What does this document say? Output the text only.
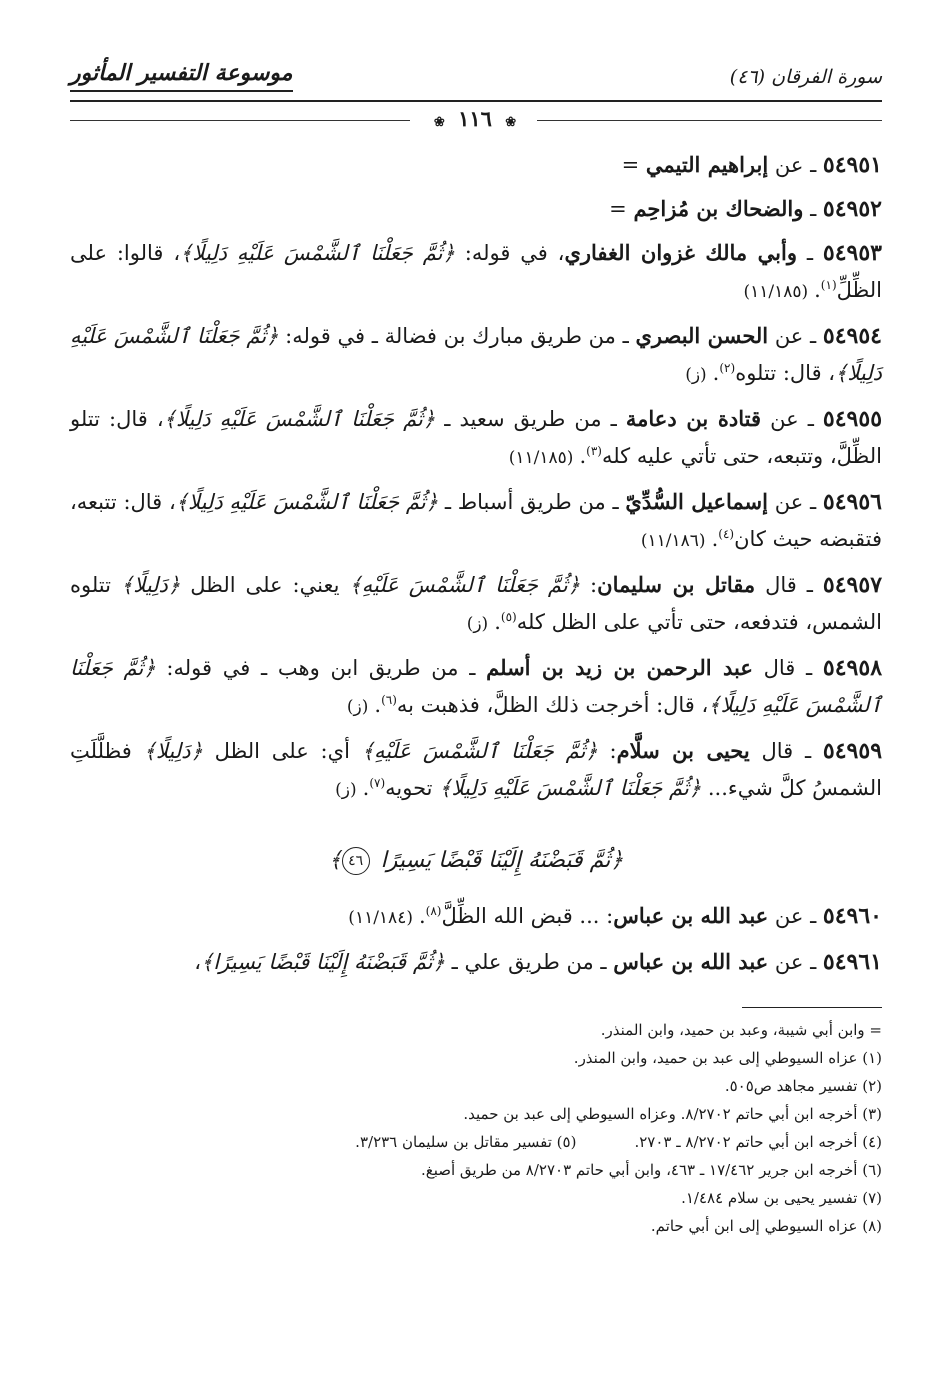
سورة الفرقان (٤٦)
موسوعة التفسير المأثور
❀ ١١٦ ❀
٥٤٩٥١ ـ عن إبراهيم التيمي =
٥٤٩٥٢ ـ والضحاك بن مُزاحِم =
٥٤٩٥٣ ـ وأبي مالك غزوان الغفاري، في قوله: ﴿ثُمَّ جَعَلْنَا ٱلشَّمْسَ عَلَيْهِ دَلِيلًا﴾، قالوا: على الظِّلِّ$^{(١)}$.(١١/١٨٥)
٥٤٩٥٤ ـ عن الحسن البصري ـ من طريق مبارك بن فضالة ـ في قوله: ﴿ثُمَّ جَعَلْنَا ٱلشَّمْسَ عَلَيْهِ دَلِيلًا﴾، قال: تتلوه$^{(٢)}$.(ز)
٥٤٩٥٥ ـ عن قتادة بن دعامة ـ من طريق سعيد ـ ﴿ثُمَّ جَعَلْنَا ٱلشَّمْسَ عَلَيْهِ دَلِيلًا﴾، قال: تتلو الظِّلَّ، وتتبعه، حتى تأتي عليه كله$^{(٣)}$.(١١/١٨٥)
٥٤٩٥٦ ـ عن إسماعيل السُّدِّيّ ـ من طريق أسباط ـ ﴿ثُمَّ جَعَلْنَا ٱلشَّمْسَ عَلَيْهِ دَلِيلًا﴾، قال: تتبعه، فتقبضه حيث كان$^{(٤)}$.(١١/١٨٦)
٥٤٩٥٧ ـ قال مقاتل بن سليمان: ﴿ثُمَّ جَعَلْنَا ٱلشَّمْسَ عَلَيْهِ﴾ يعني: على الظل ﴿دَلِيلًا﴾ تتلوه الشمس، فتدفعه، حتى تأتي على الظل كله$^{(٥)}$.(ز)
٥٤٩٥٨ ـ قال عبد الرحمن بن زيد بن أسلم ـ من طريق ابن وهب ـ في قوله: ﴿ثُمَّ جَعَلْنَا ٱلشَّمْسَ عَلَيْهِ دَلِيلًا﴾، قال: أخرجت ذلك الظلَّ، فذهبت به$^{(٦)}$.(ز)
٥٤٩٥٩ ـ قال يحيى بن سلَّام: ﴿ثُمَّ جَعَلْنَا ٱلشَّمْسَ عَلَيْهِ﴾ أي: على الظل ﴿دَلِيلًا﴾ فظلَّلَتِ الشمسُ كلَّ شيء... ﴿ثُمَّ جَعَلْنَا ٱلشَّمْسَ عَلَيْهِ دَلِيلًا﴾ تحويه$^{(٧)}$.(ز)
﴿ثُمَّ قَبَضْنَهُ إِلَيْنَا قَبْضًا يَسِيرًا ٤٦﴾
٥٤٩٦٠ ـ عن عبد الله بن عباس: ... قبض الله الظِّلَّ$^{(٨)}$.(١١/١٨٤)
٥٤٩٦١ ـ عن عبد الله بن عباس ـ من طريق علي ـ ﴿ثُمَّ قَبَضْنَهُ إِلَيْنَا قَبْضًا يَسِيرًا﴾،
= وابن أبي شيبة، وعبد بن حميد، وابن المنذر.
(١) عزاه السيوطي إلى عبد بن حميد، وابن المنذر.
(٢) تفسير مجاهد ص٥٠٥.
(٣) أخرجه ابن أبي حاتم ٨/٢٧٠٢. وعزاه السيوطي إلى عبد بن حميد.
(٤) أخرجه ابن أبي حاتم ٨/٢٧٠٢ ـ ٢٧٠٣.
(٥) تفسير مقاتل بن سليمان ٣/٢٣٦.
(٦) أخرجه ابن جرير ١٧/٤٦٢ ـ ٤٦٣، وابن أبي حاتم ٨/٢٧٠٣ من طريق أصبغ.
(٧) تفسير يحيى بن سلام ١/٤٨٤.
(٨) عزاه السيوطي إلى ابن أبي حاتم.
